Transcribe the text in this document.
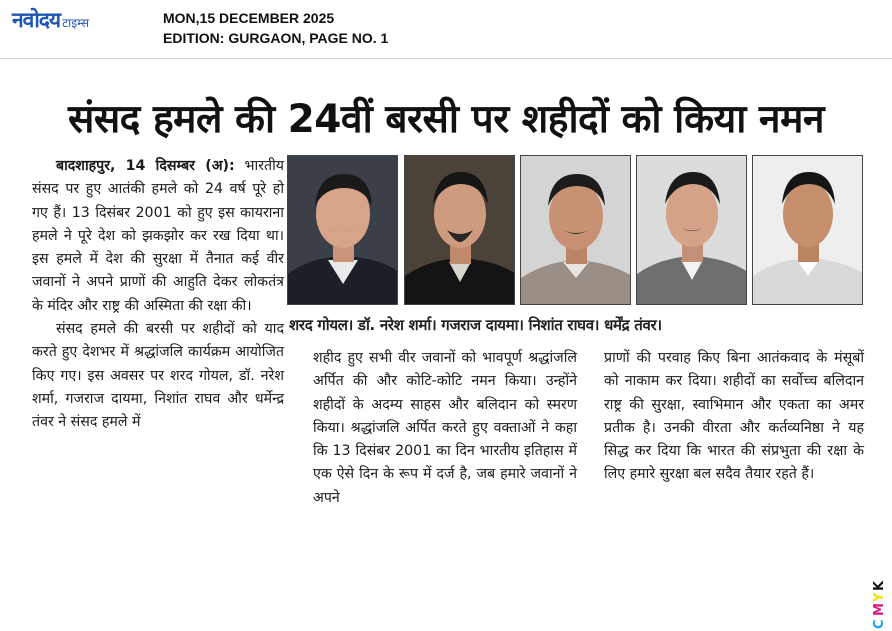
नवोदय टाइम्स	MON,15 DECEMBER 2025
EDITION: GURGAON, PAGE NO. 1
संसद हमले की 24वीं बरसी पर शहीदों को किया नमन
शरद गोयल। डॉ. नरेश शर्मा। गजराज दायमा। निशांत राघव। धर्मेंद्र तंवर।

बादशाहपुर, 14 दिसम्बर (अ): भारतीय संसद पर हुए आतंकी हमले को 24 वर्ष पूरे हो गए हैं। 13 दिसंबर 2001 को हुए इस कायराना हमले ने पूरे देश को झकझोर कर रख दिया था। इस हमले में देश की सुरक्षा में तैनात कई वीर जवानों ने अपने प्राणों की आहुति देकर लोकतंत्र के मंदिर और राष्ट्र की अस्मिता की रक्षा की।

संसद हमले की बरसी पर शहीदों को याद करते हुए देशभर में श्रद्धांजलि कार्यक्रम आयोजित किए गए। इस अवसर पर शरद गोयल, डॉ. नरेश शर्मा, गजराज दायमा, निशांत राघव और धर्मेन्द्र तंवर ने संसद हमले में

शहीद हुए सभी वीर जवानों को भावपूर्ण श्रद्धांजलि अर्पित की और कोटि-कोटि नमन किया। उन्होंने शहीदों के अदम्य साहस और बलिदान को स्मरण किया। श्रद्धांजलि अर्पित करते हुए वक्ताओं ने कहा कि 13 दिसंबर 2001 का दिन भारतीय इतिहास में एक ऐसे दिन के रूप में दर्ज है, जब हमारे जवानों ने अपने

प्राणों की परवाह किए बिना आतंकवाद के मंसूबों को नाकाम कर दिया। शहीदों का सर्वोच्च बलिदान राष्ट्र की सुरक्षा, स्वाभिमान और एकता का अमर प्रतीक है। उनकी वीरता और कर्तव्यनिष्ठा ने यह सिद्ध कर दिया कि भारत की संप्रभुता की रक्षा के लिए हमारे सुरक्षा बल सदैव तैयार रहते हैं।

C
M
Y
K
